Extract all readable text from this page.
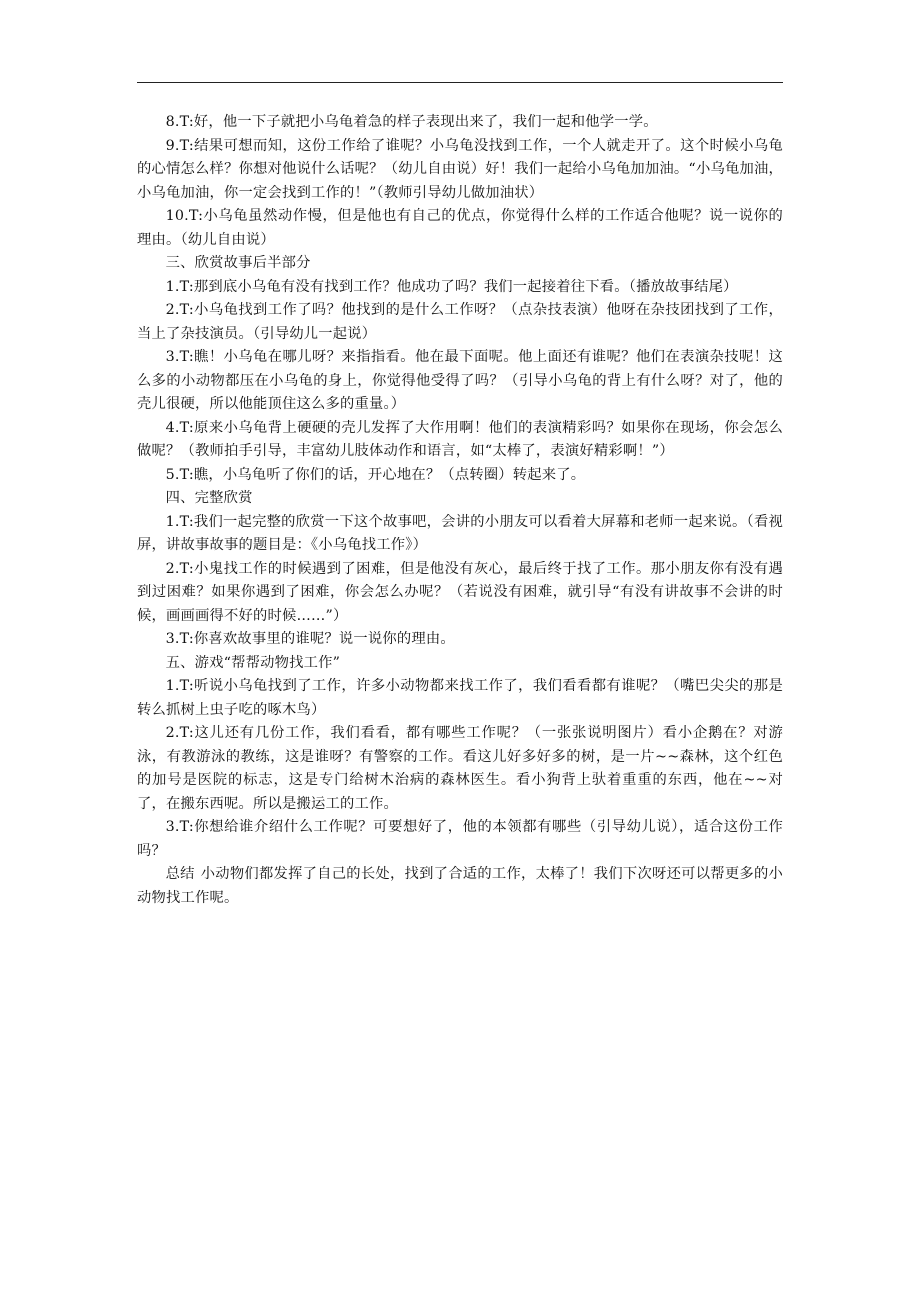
8.T:好，他一下子就把小乌龟着急的样子表现出来了，我们一起和他学一学。

9.T:结果可想而知，这份工作给了谁呢？小乌龟没找到工作，一个人就走开了。这个时候小乌龟的心情怎么样？你想对他说什么话呢？（幼儿自由说）好！我们一起给小乌龟加加油。“小乌龟加油，小乌龟加油，你一定会找到工作的！”（教师引导幼儿做加油状）

10.T:小乌龟虽然动作慢，但是他也有自己的优点，你觉得什么样的工作适合他呢？说一说你的理由。（幼儿自由说）

三、欣赏故事后半部分

1.T:那到底小乌龟有没有找到工作？他成功了吗？我们一起接着往下看。（播放故事结尾）

2.T:小乌龟找到工作了吗？他找到的是什么工作呀？（点杂技表演）他呀在杂技团找到了工作，当上了杂技演员。（引导幼儿一起说）

3.T:瞧！小乌龟在哪儿呀？来指指看。他在最下面呢。他上面还有谁呢？他们在表演杂技呢！这么多的小动物都压在小乌龟的身上，你觉得他受得了吗？（引导小乌龟的背上有什么呀？对了，他的壳儿很硬，所以他能顶住这么多的重量。）

4.T:原来小乌龟背上硬硬的壳儿发挥了大作用啊！他们的表演精彩吗？如果你在现场，你会怎么做呢？（教师拍手引导，丰富幼儿肢体动作和语言，如“太棒了，表演好精彩啊！”）

5.T:瞧，小乌龟听了你们的话，开心地在？（点转圈）转起来了。

四、完整欣赏

1.T:我们一起完整的欣赏一下这个故事吧，会讲的小朋友可以看着大屏幕和老师一起来说。（看视屏，讲故事故事的题目是：《小乌龟找工作》）

2.T:小鬼找工作的时候遇到了困难，但是他没有灰心，最后终于找了工作。那小朋友你有没有遇到过困难？如果你遇到了困难，你会怎么办呢？（若说没有困难，就引导“有没有讲故事不会讲的时候，画画画得不好的时候……”）

3.T:你喜欢故事里的谁呢？说一说你的理由。

五、游戏“帮帮动物找工作”

1.T:听说小乌龟找到了工作，许多小动物都来找工作了，我们看看都有谁呢？（嘴巴尖尖的那是转么抓树上虫子吃的啄木鸟）

2.T:这儿还有几份工作，我们看看，都有哪些工作呢？（一张张说明图片）看小企鹅在？对游泳，有教游泳的教练，这是谁呀？有警察的工作。看这儿好多好多的树，是一片~~森林，这个红色的加号是医院的标志，这是专门给树木治病的森林医生。看小狗背上驮着重重的东西，他在~~对了，在搬东西呢。所以是搬运工的工作。

3.T:你想给谁介绍什么工作呢？可要想好了，他的本领都有哪些（引导幼儿说），适合这份工作吗？

总结 小动物们都发挥了自己的长处，找到了合适的工作，太棒了！我们下次呀还可以帮更多的小动物找工作呢。
